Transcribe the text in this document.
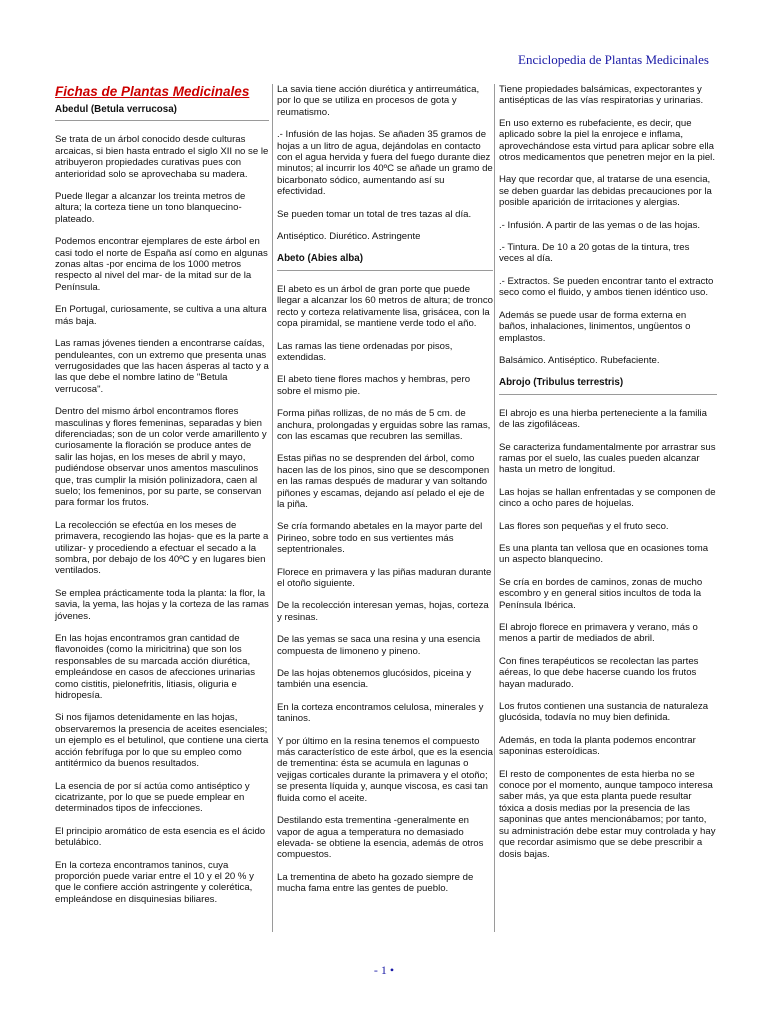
Enciclopedia de Plantas Medicinales
Fichas de Plantas Medicinales
Abedul (Betula verrucosa)

Se trata de un árbol conocido desde culturas arcaicas, si bien hasta entrado el siglo XII no se le atribuyeron propiedades curativas pues con anterioridad solo se aprovechaba su madera.

Puede llegar a alcanzar los treinta metros de altura; la corteza tiene un tono blanquecino-plateado.

Podemos encontrar ejemplares de este árbol en casi todo el norte de España así como en algunas zonas altas -por encima de los 1000 metros respecto al nivel del mar- de la mitad sur de la Península.

En Portugal, curiosamente, se cultiva a una altura más baja.

Las ramas jóvenes tienden a encontrarse caídas, penduleantes, con un extremo que presenta unas verrugosidades que las hacen ásperas al tacto y a las que debe el nombre latino de "Betula verrucosa".

Dentro del mismo árbol encontramos flores masculinas y flores femeninas, separadas y bien diferenciadas; son de un color verde amarillento y curiosamente la floración se produce antes de salir las hojas, en los meses de abril y mayo, pudiéndose observar unos amentos masculinos que, tras cumplir la misión polinizadora, caen al suelo; los femeninos, por su parte, se conservan para formar los frutos.

La recolección se efectúa en los meses de primavera, recogiendo las hojas- que es la parte a utilizar- y procediendo a efectuar el secado a la sombra, por debajo de los 40ºC y en lugares bien ventilados.

Se emplea prácticamente toda la planta: la flor, la savia, la yema, las hojas y la corteza de las ramas jóvenes.

En las hojas encontramos gran cantidad de flavonoides (como la miricitrina) que son los responsables de su marcada acción diurética, empleándose en casos de afecciones urinarias como cistitis, pielonefritis, litiasis, oliguria e hidropesía.

Si nos fijamos detenidamente en las hojas, observaremos la presencia de aceites esenciales; un ejemplo es el betulinol, que contiene una cierta acción febrífuga por lo que su empleo como antitérmico da buenos resultados.

La esencia de por sí actúa como antiséptico y cicatrizante, por lo que se puede emplear en determinados tipos de infecciones.

El principio aromático de esta esencia es el ácido betulábico.

En la corteza encontramos taninos, cuya proporción puede variar entre el 10 y el 20 % y que le confiere acción astringente y colerética, empleándose en disquinesias biliares.

La savia tiene acción diurética y antirreumática, por lo que se utiliza en procesos de gota y reumatismo.

.- Infusión de las hojas. Se añaden 35 gramos de hojas a un litro de agua, dejándolas en contacto con el agua hervida y fuera del fuego durante diez minutos; al incurrir los 40ºC se añade un gramo de bicarbonato sódico, aumentando así su efectividad.

Se pueden tomar un total de tres tazas al día.

Antiséptico. Diurético. Astringente

Abeto (Abies alba)

El abeto es un árbol de gran porte que puede llegar a alcanzar los 60 metros de altura; de tronco recto y corteza relativamente lisa, grisácea, con la copa piramidal, se mantiene verde todo el año.

Las ramas las tiene ordenadas por pisos, extendidas.

El abeto tiene flores machos y hembras, pero sobre el mismo pie.

Forma piñas rollizas, de no más de 5 cm. de anchura, prolongadas y erguidas sobre las ramas, con las escamas que recubren las semillas.

Estas piñas no se desprenden del árbol, como hacen las de los pinos, sino que se descomponen en las ramas después de madurar y van soltando piñones y escamas, dejando así pelado el eje de la piña.

Se cría formando abetales en la mayor parte del Pirineo, sobre todo en sus vertientes más septentrionales.

Florece en primavera y las piñas maduran durante el otoño siguiente.

De la recolección interesan yemas, hojas, corteza y resinas.

De las yemas se saca una resina y una esencia compuesta de limoneno y pineno.

De las hojas obtenemos glucósidos, piceina y también una esencia.

En la corteza encontramos celulosa, minerales y taninos.

Y por último en la resina tenemos el compuesto más característico de este árbol, que es la esencia de trementina: ésta se acumula en lagunas o vejigas corticales durante la primavera y el otoño; se presenta líquida y, aunque viscosa, es casi tan fluida como el aceite.

Destilando esta trementina -generalmente en vapor de agua a temperatura no demasiado elevada- se obtiene la esencia, además de otros compuestos.

La trementina de abeto ha gozado siempre de mucha fama entre las gentes de pueblo.

Tiene propiedades balsámicas, expectorantes y antisépticas de las vías respiratorias y urinarias.

En uso externo es rubefaciente, es decir, que aplicado sobre la piel la enrojece e inflama, aprovechándose esta virtud para aplicar sobre ella otros medicamentos que penetren mejor en la piel.

Hay que recordar que, al tratarse de una esencia, se deben guardar las debidas precauciones por la posible aparición de irritaciones y alergias.

.- Infusión. A partir de las yemas o de las hojas.

.- Tintura. De 10 a 20 gotas de la tintura, tres veces al día.

.- Extractos. Se pueden encontrar tanto el extracto seco como el fluido, y ambos tienen idéntico uso.

Además se puede usar de forma externa en baños, inhalaciones, linimentos, ungüentos o emplastos.

Balsámico. Antiséptico. Rubefaciente.

Abrojo (Tribulus terrestris)

El abrojo es una hierba perteneciente a la familia de las zigofiláceas.

Se caracteriza fundamentalmente por arrastrar sus ramas por el suelo, las cuales pueden alcanzar hasta un metro de longitud.

Las hojas se hallan enfrentadas y se componen de cinco a ocho pares de hojuelas.

Las flores son pequeñas y el fruto seco.

Es una planta tan vellosa que en ocasiones toma un aspecto blanquecino.

Se cría en bordes de caminos, zonas de mucho escombro y en general sitios incultos de toda la Península Ibérica.

El abrojo florece en primavera y verano, más o menos a partir de mediados de abril.

Con fines terapéuticos se recolectan las partes aéreas, lo que debe hacerse cuando los frutos hayan madurado.

Los frutos contienen una sustancia de naturaleza glucósida, todavía no muy bien definida.

Además, en toda la planta podemos encontrar saponinas esteroídicas.

El resto de componentes de esta hierba no se conoce por el momento, aunque tampoco interesa saber más, ya que esta planta puede resultar tóxica a dosis medias por la presencia de las saponinas que antes mencionábamos; por tanto, su administración debe estar muy controlada y hay que recordar asimismo que se debe prescribir a dosis bajas.

- 1 •
